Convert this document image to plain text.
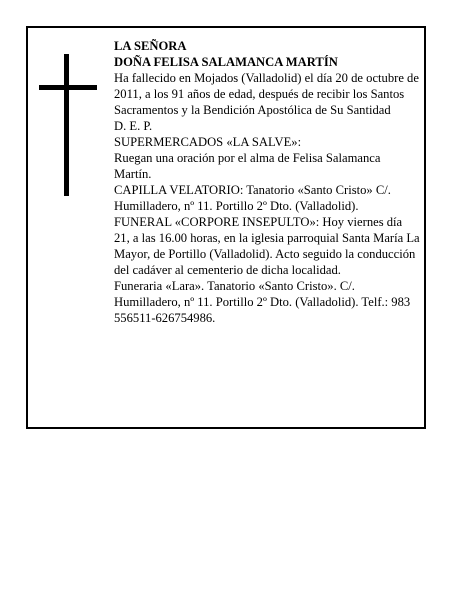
LA SEÑORA

DOÑA FELISA SALAMANCA MARTÍN

Ha fallecido en Mojados (Valladolid) el día 20 de octubre de 2011, a los 91 años de edad, después de recibir los Santos Sacramentos y la Bendición Apostólica de Su Santidad

D. E. P.

SUPERMERCADOS «LA SALVE»:

Ruegan una oración por el alma de Felisa Salamanca Martín.

CAPILLA VELATORIO: Tanatorio «Santo Cristo» C/. Humilladero, nº 11. Portillo 2º Dto. (Valladolid).

FUNERAL «CORPORE INSEPULTO»: Hoy viernes día 21, a las 16.00 horas, en la iglesia parroquial Santa María La Mayor, de Portillo (Valladolid). Acto seguido la conducción del cadáver al cementerio de dicha localidad.

Funeraria «Lara». Tanatorio «Santo Cristo». C/. Humilladero, nº 11. Portillo 2º Dto. (Valladolid). Telf.: 983 556511-626754986.
